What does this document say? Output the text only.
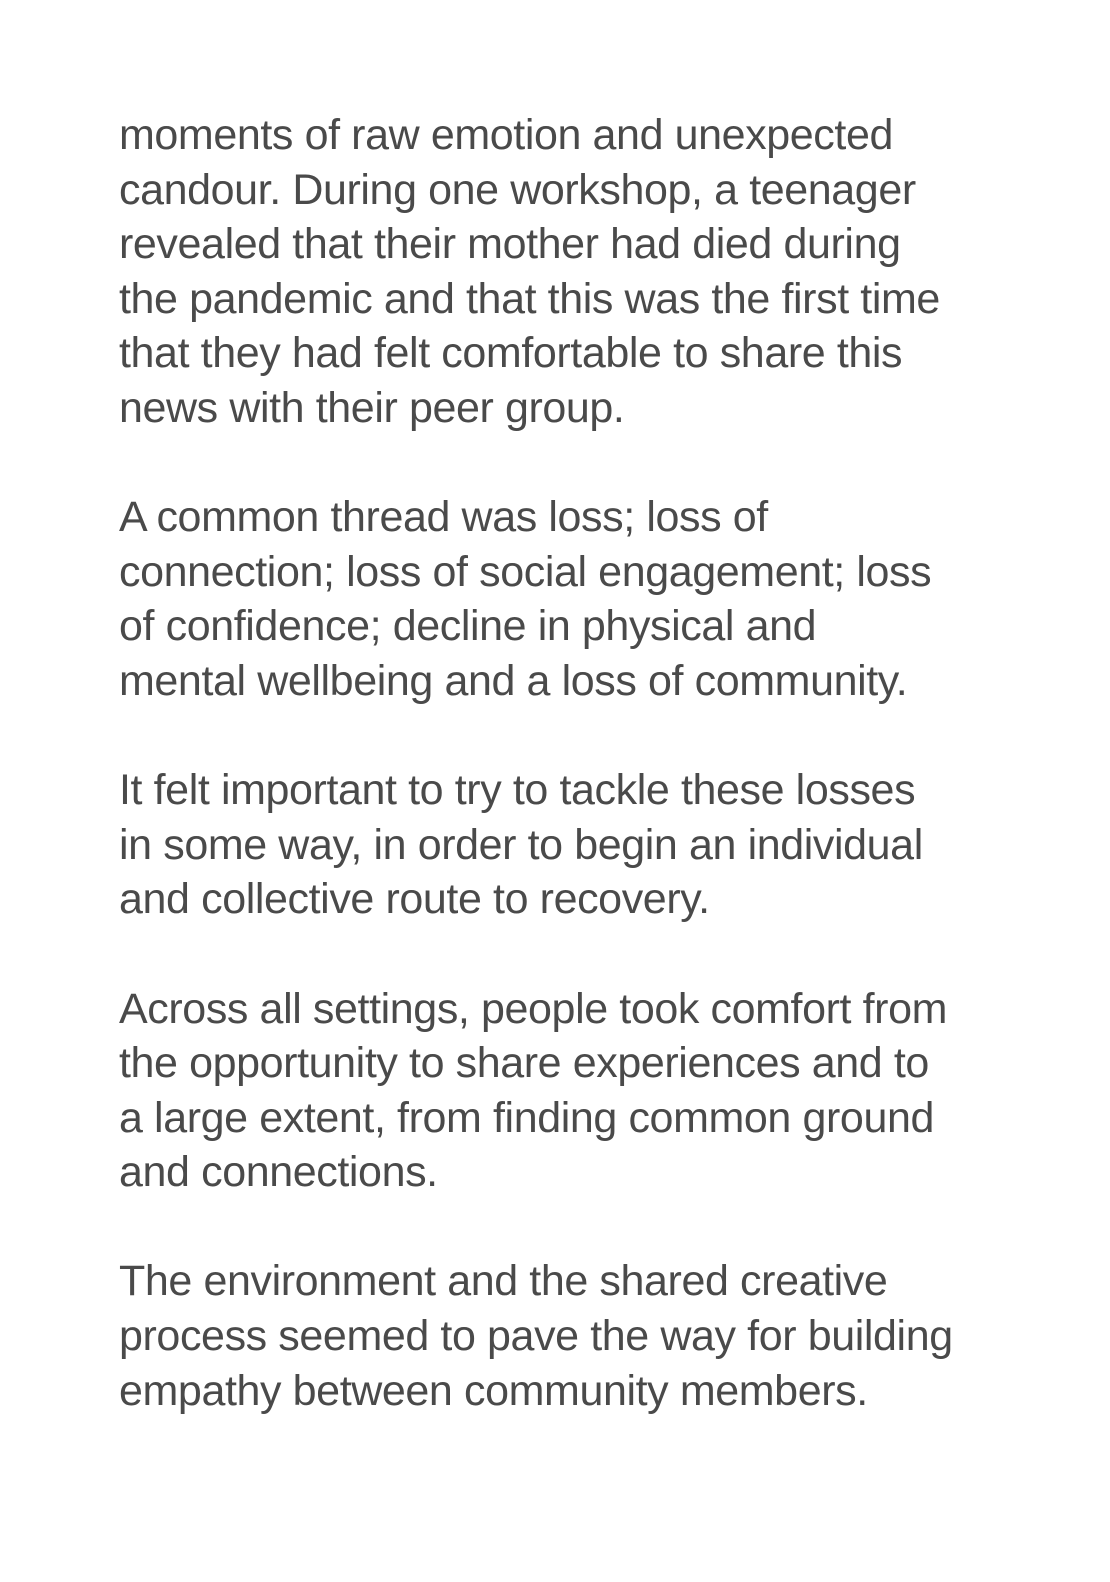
moments of raw emotion and unexpected
candour. During one workshop, a teenager
revealed that their mother had died during
the pandemic and that this was the first time
that they had felt comfortable to share this
news with their peer group.

A common thread was loss; loss of
connection; loss of social engagement; loss
of confidence; decline in physical and
mental wellbeing and a loss of community.

It felt important to try to tackle these losses
in some way, in order to begin an individual
and collective route to recovery.

Across all settings, people took comfort from
the opportunity to share experiences and to
a large extent, from finding common ground
and connections.

The environment and the shared creative
process seemed to pave the way for building
empathy between community members.
